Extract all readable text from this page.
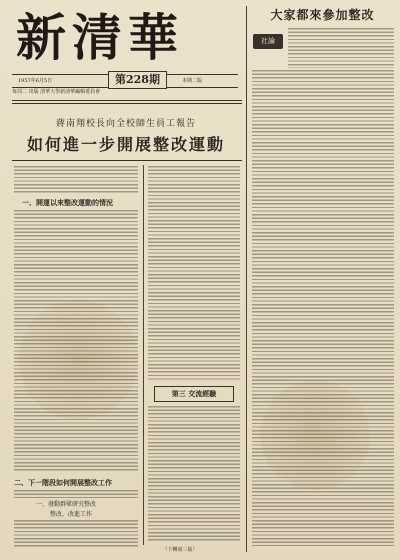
新清華
1957年6月5日	第228期	本期二版
每周二 出版 清華大學新清華編輯委員會
大家都來參加整改
社論
蔣南翔校長向全校師生員工報告
如何進一步開展整改運動
一、開運以來整改運動的情況
第三 交流經驗
二、下一階段如何開展整改工作
一、發動群眾研究整改
整改、改進工作
（下轉第三版）
